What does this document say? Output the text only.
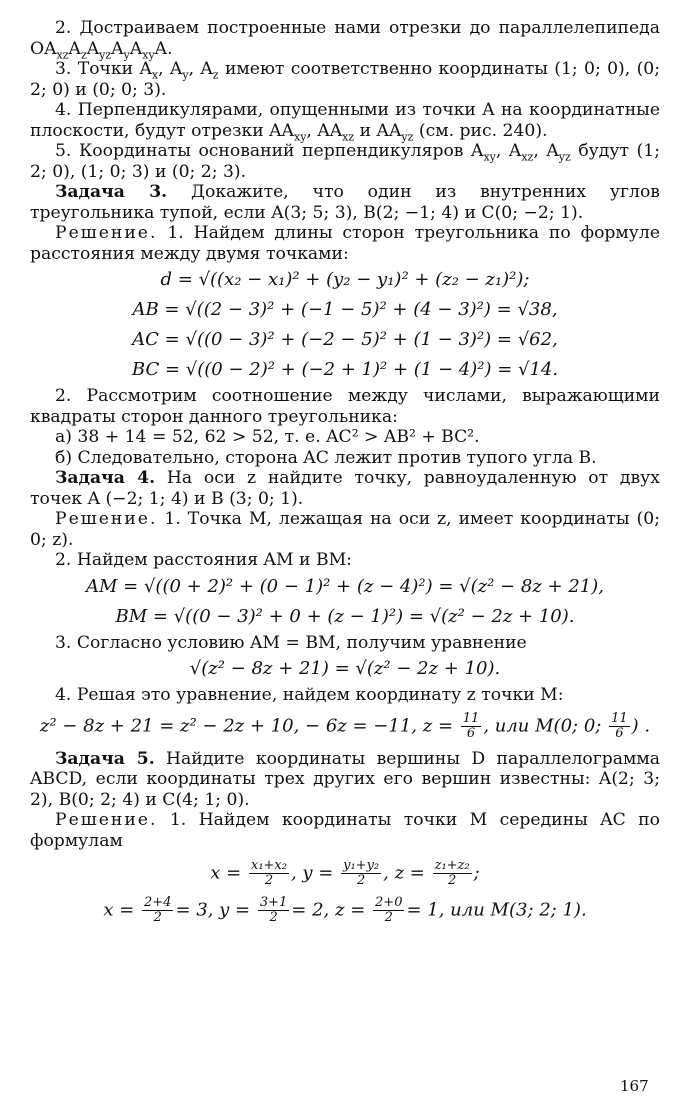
2. Достраиваем построенные нами отрезки до параллелепипеда $OA_{xz}A_zA_{yz}A_yA_{xy}A$.

3. Точки $A_x$, $A_y$, $A_z$ имеют соответственно координаты (1; 0; 0), (0; 2; 0) и (0; 0; 3).

4. Перпендикулярами, опущенными из точки A на координатные плоскости, будут отрезки $AA_{xy}$, $AA_{xz}$ и $AA_{yz}$ (см. рис. 240).

5. Координаты оснований перпендикуляров $A_{xy}$, $A_{xz}$, $A_{yz}$ будут (1; 2; 0), (1; 0; 3) и (0; 2; 3).

Задача 3. Докажите, что один из внутренних углов треугольника тупой, если A(3; 5; 3), B(2; −1; 4) и C(0; −2; 1).

Решение. 1. Найдем длины сторон треугольника по формуле расстояния между двумя точками:

d = √((x₂ − x₁)² + (y₂ − y₁)² + (z₂ − z₁)²);
AB = √((2 − 3)² + (−1 − 5)² + (4 − 3)²) = √38,
AC = √((0 − 3)² + (−2 − 5)² + (1 − 3)²) = √62,
BC = √((0 − 2)² + (−2 + 1)² + (1 − 4)²) = √14.

2. Рассмотрим соотношение между числами, выражающими квадраты сторон данного треугольника:

а) 38 + 14 = 52, 62 > 52, т. е. AC² > AB² + BC².

б) Следовательно, сторона AC лежит против тупого угла B.

Задача 4. На оси z найдите точку, равноудаленную от двух точек A (−2; 1; 4) и B (3; 0; 1).

Решение. 1. Точка M, лежащая на оси z, имеет координаты (0; 0; z).

2. Найдем расстояния AM и BM:

AM = √((0 + 2)² + (0 − 1)² + (z − 4)²) = √(z² − 8z + 21),
BM = √((0 − 3)² + 0 + (z − 1)²) = √(z² − 2z + 10).

3. Согласно условию AM = BM, получим уравнение

√(z² − 8z + 21) = √(z² − 2z + 10).

4. Решая это уравнение, найдем координату z точки M:

z² − 8z + 21 = z² − 2z + 10, − 6z = −11, $z = \frac{11}{6}$ , или M(0; 0; $\frac{11}{6}$ ) .

Задача 5. Найдите координаты вершины D параллелограмма ABCD, если координаты трех других его вершин известны: A(2; 3; 2), B(0; 2; 4) и C(4; 1; 0).

Решение. 1. Найдем координаты точки M середины AC по формулам

$x = \frac{\text{x₁+x₂}}{2}$ , $y = \frac{\text{y₁+y₂}}{2}$ , $z = \frac{\text{z₁+z₂}}{2}$ ;
$x = \frac{2+4}{2} = 3$, $y = \frac{3+1}{2} = 2$, $z = \frac{2+0}{2} = 1$, или M(3; 2; 1).
167
